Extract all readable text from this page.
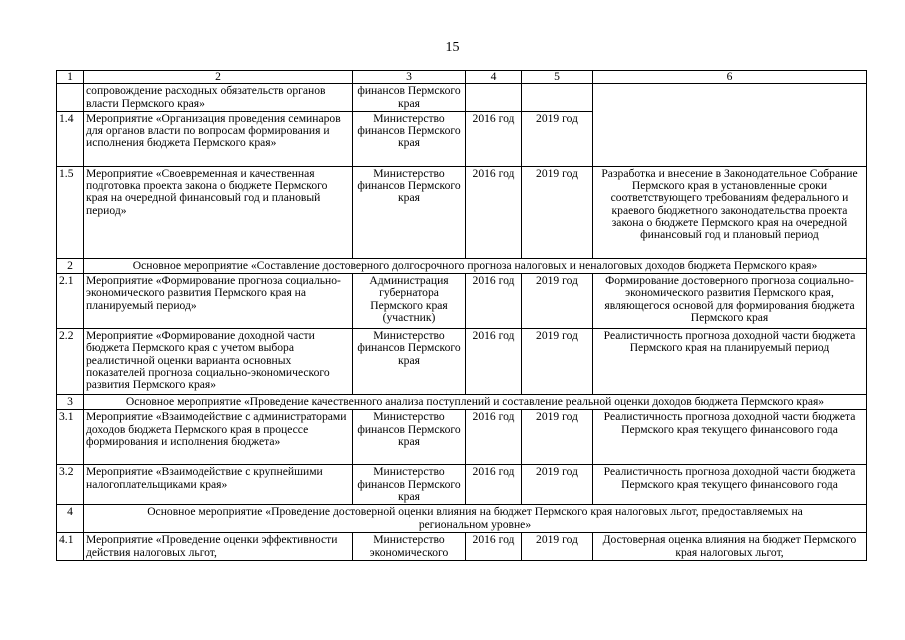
15
1	2	3	4	5	6
	сопровождение расходных обязательств органов власти Пермского края»	финансов Пермского края			
1.4	Мероприятие «Организация проведения семинаров для органов власти по вопросам формирования и исполнения бюджета Пермского края»	Министерство финансов Пермского края	2016 год	2019 год	
1.5	Мероприятие «Своевременная и качественная подготовка проекта закона о бюджете Пермского края на очередной финансовый год и плановый период»	Министерство финансов Пермского края	2016 год	2019 год	Разработка и внесение в Законодательное Собрание Пермского края в установленные сроки соответствующего требованиям федерального и краевого бюджетного законодательства проекта закона о бюджете Пермского края на очередной финансовый год и плановый период
2	Основное мероприятие «Составление достоверного долгосрочного прогноза налоговых и неналоговых доходов бюджета Пермского края»				
2.1	Мероприятие «Формирование прогноза социально-экономического развития Пермского края на планируемый период»	Администрация губернатора Пермского края (участник)	2016 год	2019 год	Формирование достоверного прогноза социально-экономического развития Пермского края, являющегося основой для формирования бюджета Пермского края
2.2	Мероприятие «Формирование доходной части бюджета Пермского края с учетом выбора реалистичной оценки варианта основных показателей прогноза социально-экономического развития Пермского края»	Министерство финансов Пермского края	2016 год	2019 год	Реалистичность прогноза доходной части бюджета Пермского края на планируемый период
3	Основное мероприятие «Проведение качественного анализа поступлений и составление реальной оценки доходов бюджета Пермского края»				
3.1	Мероприятие «Взаимодействие с администраторами доходов бюджета Пермского края в процессе формирования и исполнения бюджета»	Министерство финансов Пермского края	2016 год	2019 год	Реалистичность прогноза доходной части бюджета Пермского края текущего финансового года
3.2	Мероприятие «Взаимодействие с крупнейшими налогоплательщиками края»	Министерство финансов Пермского края	2016 год	2019 год	Реалистичность прогноза доходной части бюджета Пермского края текущего финансового года
4	Основное мероприятие «Проведение достоверной оценки влияния на бюджет Пермского края налоговых льгот, предоставляемых на региональном уровне»				
4.1	Мероприятие «Проведение оценки эффективности действия налоговых льгот,	Министерство экономического	2016 год	2019 год	Достоверная оценка влияния на бюджет Пермского края налоговых льгот,
